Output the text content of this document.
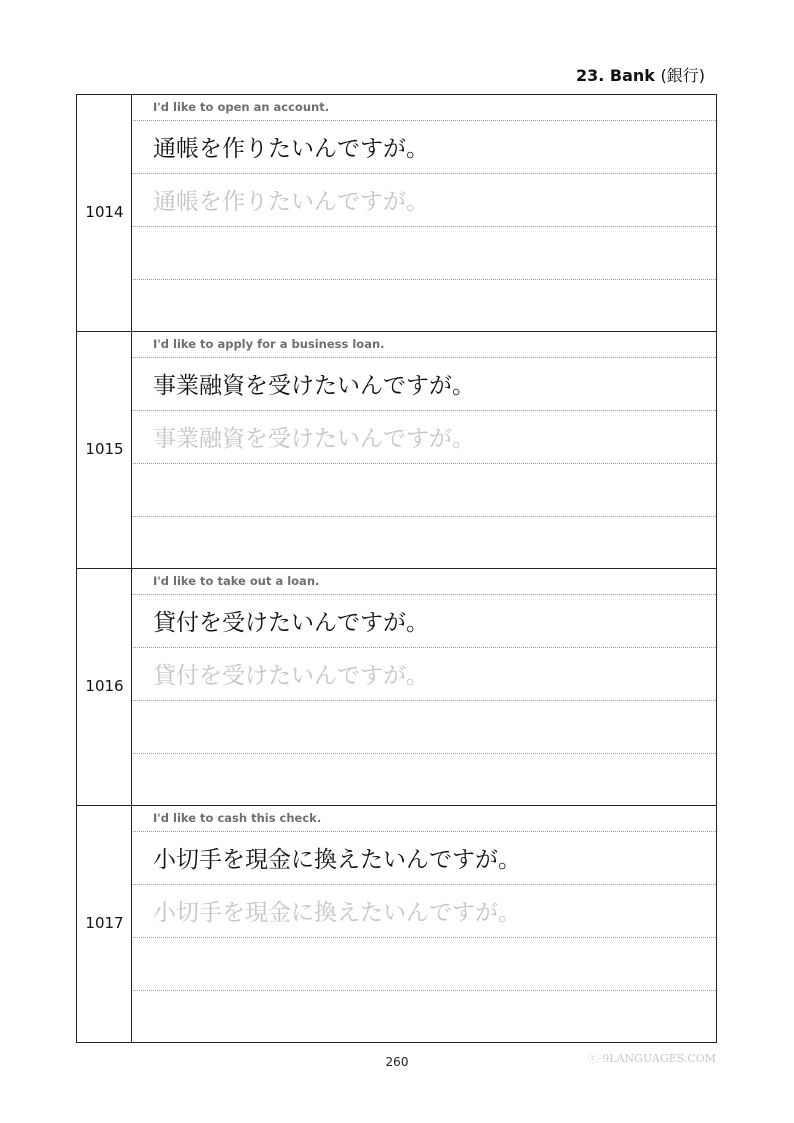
23. Bank (銀行)
1014
I'd like to open an account.
通帳を作りたいんですが。
通帳を作りたいんですが。
1015
I'd like to apply for a business loan.
事業融資を受けたいんですが。
事業融資を受けたいんですが。
1016
I'd like to take out a loan.
貸付を受けたいんですが。
貸付を受けたいんですが。
1017
I'd like to cash this check.
小切手を現金に換えたいんですが。
小切手を現金に換えたいんですが。
260	ⓒ 9LANGUAGES.COM
